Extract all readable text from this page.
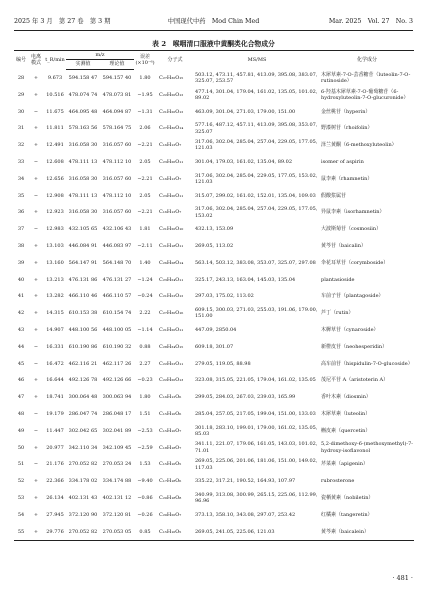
2025 年 3 月　第 27 卷　第 3 期	中国现代中药　Mod Chin Med	Mar. 2025　Vol. 27　No. 3
表 2　喉咽清口服液中黄酮类化合物成分
编号	电离模式	t_R/min	m/z		误差 (×10⁻⁶)	分子式	MS/MS	化学成分
			实测值	理论值				
28	+	9.673	594.158 47	594.157 40	1.80	C₂₇H₃₀O₁₅	503.12, 473.11, 457.81, 413.09, 395.08, 383.07, 325.07, 253.57	木犀草素-7-O-芸香糖苷（luteolin-7-O-rutinoside）
29	+	10.516	478.074 74	478.073 81	−1.95	C₂₂H₂₀O₁₂	477.14, 301.04, 179.04, 161.02, 135.05, 101.02, 89.02	6-羟基木犀草素-7-O-葡萄糖苷（6-hydroxyluteolin-7-O-glucuronide）
30	−	11.675	464.095 48	464.094 87	−1.31	C₂₁H₂₀O₁₂	463.09, 301.04, 271.03, 179.00, 151.00	金丝桃苷（hyperin）
31	+	11.811	578.163 56	578.164 75	2.06	C₂₇H₃₀O₁₄	577.16, 487.12, 457.11, 413.09, 395.08, 353.07, 325.07	野漆树苷（rhoifolin）
32	+	12.491	316.058 30	316.057 60	−2.21	C₁₆H₁₂O₇	317.06, 302.04, 285.04, 257.04, 229.05, 177.05, 121.03	泽兰黄酮（6-methoxyluteolin）
33	−	12.608	478.111 13	478.112 10	2.05	C₂₃H₂₆O₁₁	301.04, 179.03, 161.02, 135.04, 89.02	isomer of aspirin
34	+	12.656	316.058 30	316.057 60	−2.21	C₁₆H₁₂O₇	317.06, 302.04, 285.04, 229.05, 177.05, 153.02, 121.03	鼠李素（rhamnetin）
35	−	12.908	478.111 13	478.112 10	2.05	C₂₃H₂₆O₁₁	315.07, 299.02, 161.02, 152.01, 135.04, 109.03	假酸浆属苷
36	+	12.923	316.058 30	316.057 60	−2.21	C₁₆H₁₂O₇	317.06, 302.04, 285.04, 257.04, 229.05, 177.05, 153.02	异鼠李素（isorhamnetin）
37	−	12.983	432.105 65	432.106 43	1.81	C₂₁H₂₀O₁₀	432.13, 153.09	大波斯菊苷（cosmosiin）
38	+	13.103	446.084 91	446.083 97	−2.11	C₂₁H₁₈O₁₁	269.05, 113.02	黄芩苷（baicalin）
39	+	13.160	564.147 91	564.148 70	1.40	C₂₆H₂₈O₁₄	563.14, 503.12, 383.08, 353.07, 325.07, 297.08	伞花耳草苷（corymboside）
40	+	13.213	476.131 86	476.131 27	−1.24	C₂₃H₂₄O₁₁	325.17, 243.13, 163.04, 145.03, 135.04	plantasioside
41	+	13.282	466.110 46	466.110 57	−0.24	C₂₁H₂₂O₁₂	297.03, 175.02, 113.02	车前子苷（plantagoside）
42	+	14.315	610.153 38	610.154 74	2.22	C₂₇H₃₀O₁₆	609.15, 300.03, 271.03, 255.03, 191.06, 179.00, 151.00	芦丁（rutin）
43	+	14.907	448.100 56	448.100 05	−1.14	C₂₁H₂₀O₁₁	447.09, 2850.04	木樨草苷（cynaroside）
44	−	16.331	610.190 86	610.190 32	0.88	C₂₈H₃₄O₁₅	609.18, 301.07	新橙皮苷（neohesperidin）
45	−	16.472	462.116 21	462.117 26	2.27	C₂₂H₂₂O₁₁	279.05, 119.05, 88.98	高车前苷（hispidulin-7-O-glucoside）
46	+	16.644	492.126 78	492.126 66	−0.23	C₂₂H₂₀O₁₃	323.08, 315.05, 221.05, 179.04, 161.02, 135.05	茂尼平苷 A（aristoterin A）
47	+	18.741	300.064 48	300.063 94	1.80	C₁₆H₁₂O₆	299.05, 284.03, 267.03, 239.03, 165.99	香叶木素（diosmin）
48	−	19.179	286.047 74	286.048 17	1.51	C₁₅H₁₀O₆	285.04, 257.05, 217.05, 199.04, 151.00, 133.03	木犀草素（luteolin）
49	−	11.447	302.042 65	302.041 89	−2.53	C₁₅H₁₀O₇	301.18, 283.10, 199.01, 179.00, 161.02, 135.05, 85.03	槲皮素（quercetin）
50	+	20.977	342.110 34	342.109 45	−2.59	C₁₈H₁₈O₇	341.11, 221.07, 179.06, 161.05, 143.03, 101.02, 71.01	5,2-dimethoxy-6-(methoxymethyl)-7-hydroxy-isoflavonol
51	−	21.176	270.052 82	270.053 24	1.53	C₁₅H₁₀O₅	269.05, 225.06, 201.06, 181.06, 151.00, 149.02, 117.03	芹菜素（apigenin）
52	+	22.366	334.178 02	334.174 88	−9.40	C₁₇H₁₈O₆	335.22, 317.21, 190.52, 164.93, 107.97	rubrosterone
53	+	26.134	402.131 43	402.131 12	−0.86	C₂₀H₁₈O₈	340.99, 313.08, 300.99, 265.15, 225.06, 112.99, 96.96	瓷栖黄素（nobiletin）
54	+	27.945	372.120 90	372.120 81	−0.26	C₂₀H₂₀O₇	373.13, 358.10, 343.08, 297.07, 253.42	红橘素（tangeretin）
55	+	29.776	270.052 82	270.053 05	0.85	C₁₅H₁₀O₅	269.05, 241.05, 225.06, 121.03	黄芩素（baicalein）
· 481 ·
